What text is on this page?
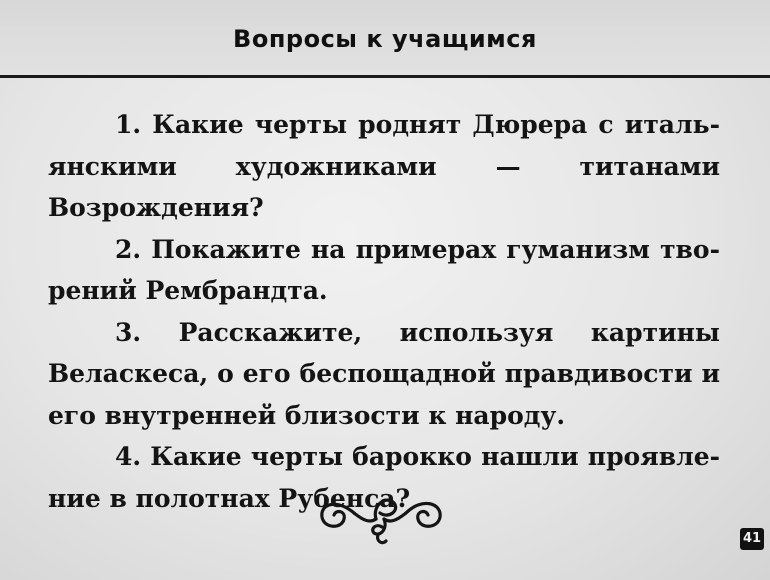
Вопросы к учащимся

1. Какие черты роднят Дюрера с итальянскими художниками — титанами Возрождения?

2. Покажите на примерах гуманизм творений Рембрандта.

3. Расскажите, используя картины Веласкеса, о его беспощадной правдивости и его внутренней близости к народу.

4. Какие черты барокко нашли проявление в полотнах Рубенса?

41
